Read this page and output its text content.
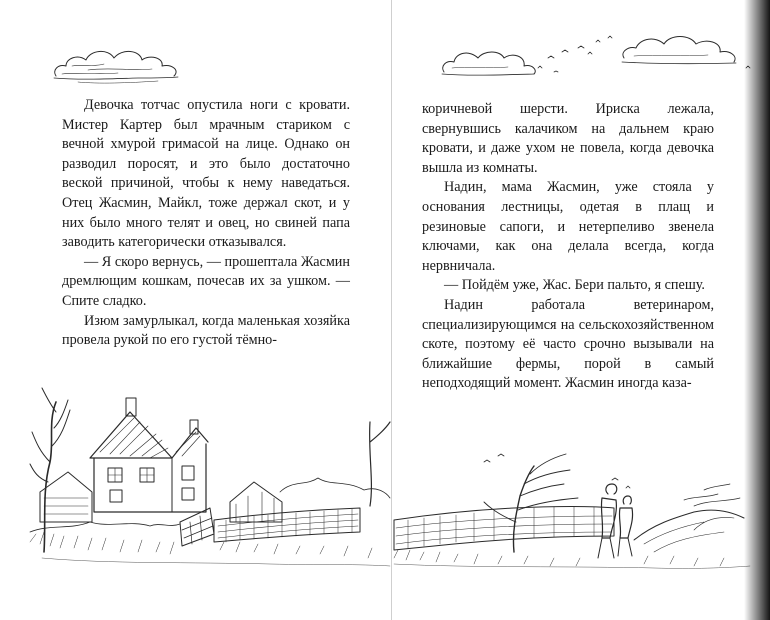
Девочка тотчас опустила ноги с кровати. Мистер Картер был мрачным стариком с вечной хмурой гримасой на лице. Однако он разводил поросят, и это было достаточно веской причиной, чтобы к нему наведаться. Отец Жасмин, Майкл, тоже держал скот, и у них было много телят и овец, но свиней папа заводить категорически отказывался.

— Я скоро вернусь, — прошептала Жасмин дремлющим кошкам, почесав их за ушком. — Спите сладко.

Изюм замурлыкал, когда маленькая хозяйка провела рукой по его густой тёмно-

коричневой шерсти. Ириска лежала, свернувшись калачиком на дальнем краю кровати, и даже ухом не повела, когда девочка вышла из комнаты.

Надин, мама Жасмин, уже стояла у основания лестницы, одетая в плащ и резиновые сапоги, и нетерпеливо звенела ключами, как она делала всегда, когда нервничала.

— Пойдём уже, Жас. Бери пальто, я спешу.

Надин работала ветеринаром, специализирующимся на сельскохозяйственном скоте, поэтому её часто срочно вызывали на ближайшие фермы, порой в самый неподходящий момент. Жасмин иногда каза-
